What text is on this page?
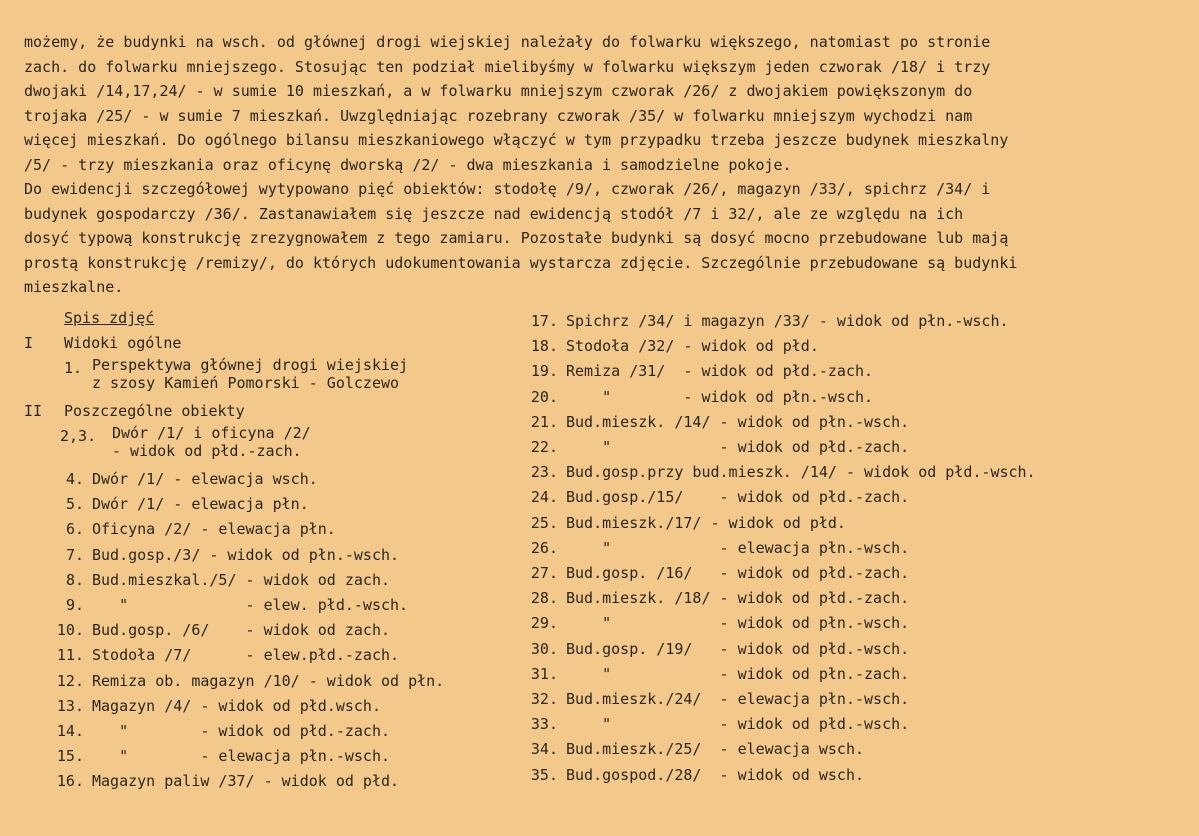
możemy, że budynki na wsch. od głównej drogi wiejskiej należały do folwarku większego, natomiast po stronie
zach. do folwarku mniejszego. Stosując ten podział mielibyśmy w folwarku większym jeden czworak /18/ i trzy
dwojaki /14,17,24/ - w sumie 10 mieszkań, a w folwarku mniejszym czworak /26/ z dwojakiem powiększonym do
trojaka /25/ - w sumie 7 mieszkań. Uwzględniając rozebrany czworak /35/ w folwarku mniejszym wychodzi nam
więcej mieszkań. Do ogólnego bilansu mieszkaniowego włączyć w tym przypadku trzeba jeszcze budynek mieszkalny
/5/ - trzy mieszkania oraz oficynę dworską /2/ - dwa mieszkania i samodzielne pokoje.
Do ewidencji szczegółowej wytypowano pięć obiektów: stodołę /9/, czworak /26/, magazyn /33/, spichrz /34/ i
budynek gospodarczy /36/. Zastanawiałem się jeszcze nad ewidencją stodół /7 i 32/, ale ze względu na ich
dosyć typową konstrukcję zrezygnowałem z tego zamiaru. Pozostałe budynki są dosyć mocno przebudowane lub mają
prostą konstrukcję /remizy/, do których udokumentowania wystarcza zdjęcie. Szczególnie przebudowane są budynki
mieszkalne.
Spis zdjęć
I Widoki ogólne
1. Perspektywa głównej drogi wiejskiej
z szosy Kamień Pomorski - Golczewo
II Poszczególne obiekty
2,3. Dwór /1/ i oficyna /2/
- widok od płd.-zach.
4. Dwór /1/ - elewacja wsch.
5. Dwór /1/ - elewacja płn.
6. Oficyna /2/ - elewacja płn.
7. Bud.gosp./3/ - widok od płn.-wsch.
8. Bud.mieszkal./5/ - widok od zach.
9. "             - elew. płd.-wsch.
10. Bud.gosp. /6/    - widok od zach.
11. Stodoła /7/      - elew.płd.-zach.
12. Remiza ob. magazyn /10/ - widok od płn.
13. Magazyn /4/ - widok od płd.wsch.
14. "        - widok od płd.-zach.
15. "        - elewacja płn.-wsch.
16. Magazyn paliw /37/ - widok od płd.
17. Spichrz /34/ i magazyn /33/ - widok od płn.-wsch.
18. Stodoła /32/ - widok od płd.
19. Remiza /31/  - widok od płd.-zach.
20. "        - widok od płn.-wsch.
21. Bud.mieszk. /14/ - widok od płn.-wsch.
22. "            - widok od płd.-zach.
23. Bud.gosp.przy bud.mieszk. /14/ - widok od płd.-wsch.
24. Bud.gosp./15/    - widok od płd.-zach.
25. Bud.mieszk./17/ - widok od płd.
26. "            - elewacja płn.-wsch.
27. Bud.gosp. /16/   - widok od płd.-zach.
28. Bud.mieszk. /18/ - widok od płd.-zach.
29. "            - widok od płn.-wsch.
30. Bud.gosp. /19/   - widok od płd.-wsch.
31. "            - widok od płn.-zach.
32. Bud.mieszk./24/  - elewacja płn.-wsch.
33. "            - widok od płd.-wsch.
34. Bud.mieszk./25/  - elewacja wsch.
35. Bud.gospod./28/  - widok od wsch.
